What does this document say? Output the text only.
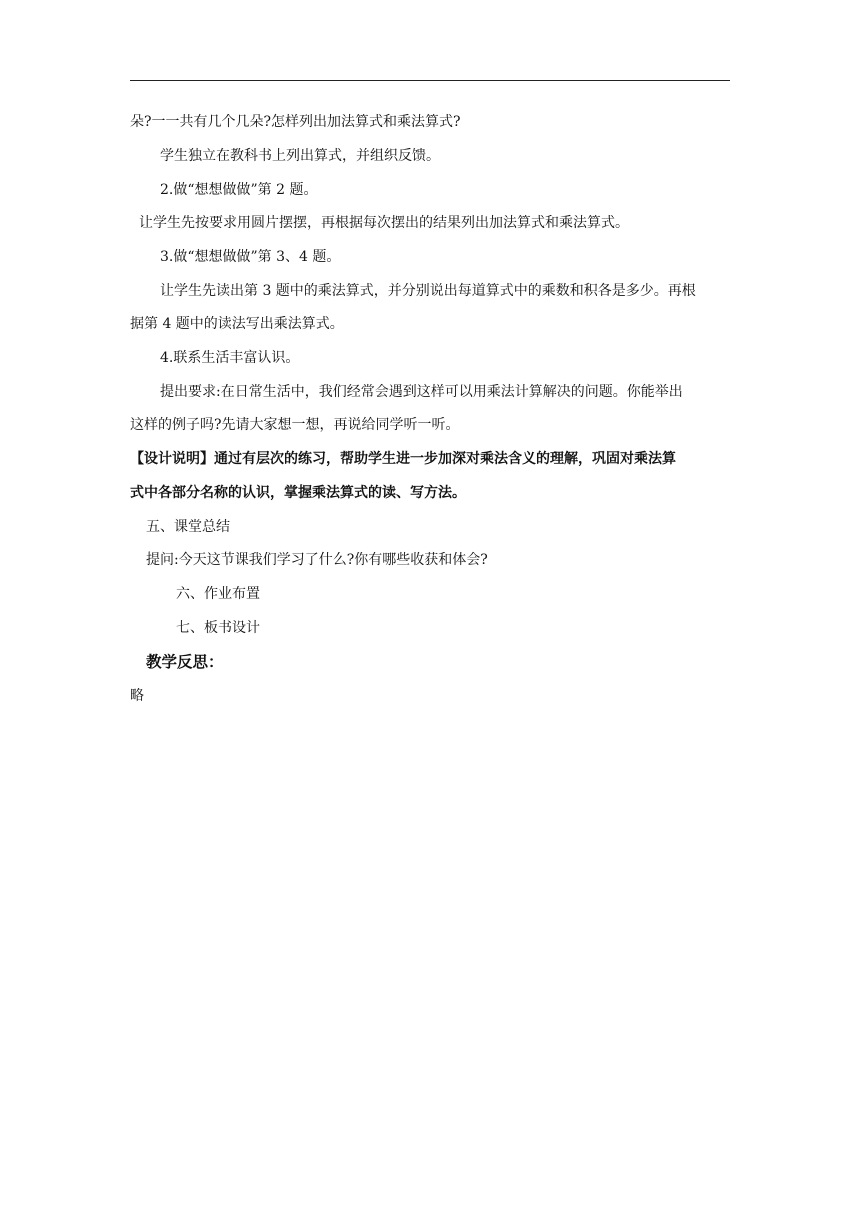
朵?一一共有几个几朵?怎样列出加法算式和乘法算式?
学生独立在教科书上列出算式，并组织反馈。
2.做“想想做做”第 2 题。
让学生先按要求用圆片摆摆，再根据每次摆出的结果列出加法算式和乘法算式。
3.做“想想做做”第 3、4 题。
让学生先读出第 3 题中的乘法算式，并分别说出每道算式中的乘数和积各是多少。再根
据第 4 题中的读法写出乘法算式。
4.联系生活丰富认识。
提出要求:在日常生活中，我们经常会遇到这样可以用乘法计算解决的问题。你能举出
这样的例子吗?先请大家想一想，再说给同学听一听。
【设计说明】通过有层次的练习，帮助学生进一步加深对乘法含义的理解，巩固对乘法算
式中各部分名称的认识，掌握乘法算式的读、写方法。
五、课堂总结
提问:今天这节课我们学习了什么?你有哪些收获和体会?
六、作业布置
七、板书设计
教学反思：
略
